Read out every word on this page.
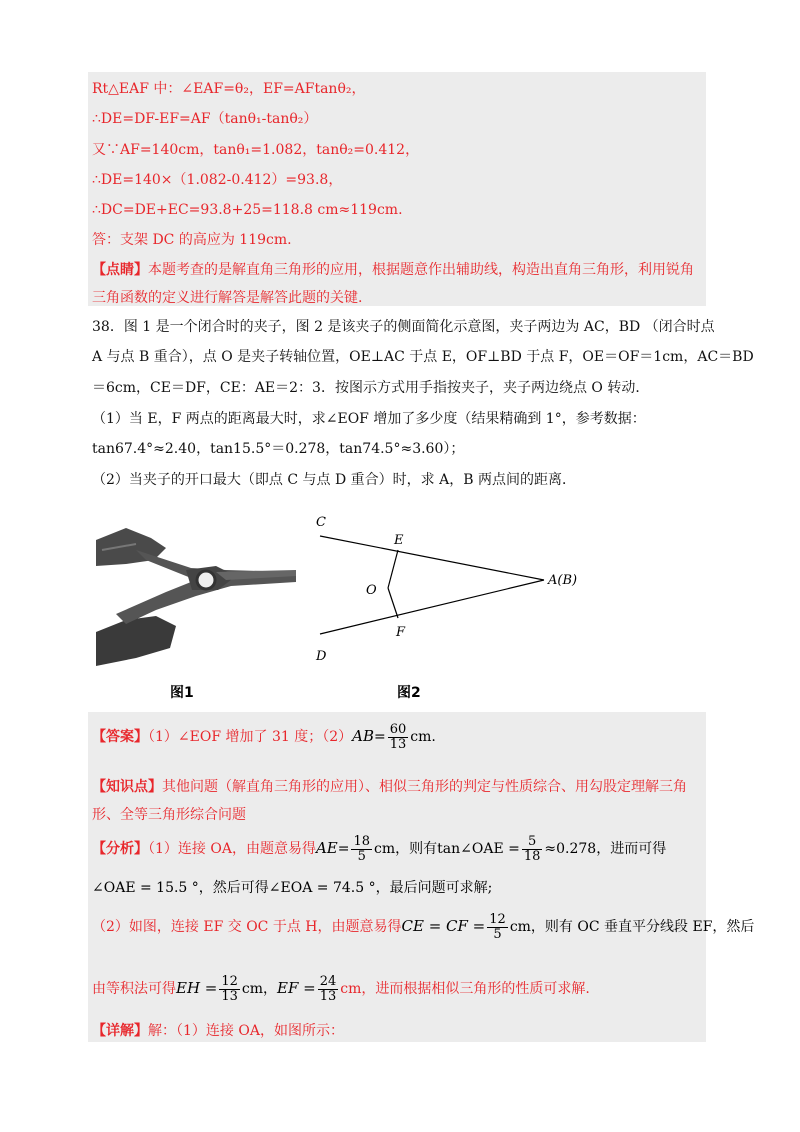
Rt△EAF 中：∠EAF=θ₂，EF=AFtanθ₂，
∴DE=DF-EF=AF（tanθ₁-tanθ₂）
又∵AF=140cm，tanθ₁=1.082，tanθ₂=0.412，
∴DE=140×（1.082-0.412）=93.8，
∴DC=DE+EC=93.8+25=118.8 cm≈119cm.
答：支架 DC 的高应为 119cm.
【点睛】本题考查的是解直角三角形的应用，根据题意作出辅助线，构造出直角三角形，利用锐角
三角函数的定义进行解答是解答此题的关键.
38．图 1 是一个闭合时的夹子，图 2 是该夹子的侧面简化示意图，夹子两边为 AC，BD （闭合时点
A 与点 B 重合），点 O 是夹子转轴位置，OE⊥AC 于点 E，OF⊥BD 于点 F，OE＝OF＝1cm，AC＝BD
＝6cm，CE＝DF，CE：AE＝2：3．按图示方式用手指按夹子，夹子两边绕点 O 转动．
（1）当 E，F 两点的距离最大时，求∠EOF 增加了多少度（结果精确到 1°，参考数据：
tan67.4°≈2.40，tan15.5°＝0.278，tan74.5°≈3.60）；
（2）当夹子的开口最大（即点 C 与点 D 重合）时，求 A，B 两点间的距离．
C
E
O
A(B)
F
D
图1	图2
【答案】（1）∠EOF 增加了 31 度；$(2)AB= \frac{60}{13}$ cm.
【知识点】其他问题（解直角三角形的应用）、相似三角形的判定与性质综合、用勾股定理解三角
形、全等三角形综合问题
【分析】（1）连接 OA，由题意易得$AE= \frac{18}{5}$ cm，则有tan∠OAE = $\frac{5}{18} \approx 0.278$，进而可得
∠OAE = 15.5 °，然后可得∠EOA = 74.5 °，最后问题可求解;
（2）如图，连接 EF 交 OC 于点 H，由题意易得CE = CF = $\frac{12}{5}$ cm，则有 OC 垂直平分线段 EF，然后
由等积法可得EH = $\frac{12}{13}$ cm，EF = $\frac{24}{13}$ cm，进而根据相似三角形的性质可求解.
【详解】解：（1）连接 OA，如图所示：
